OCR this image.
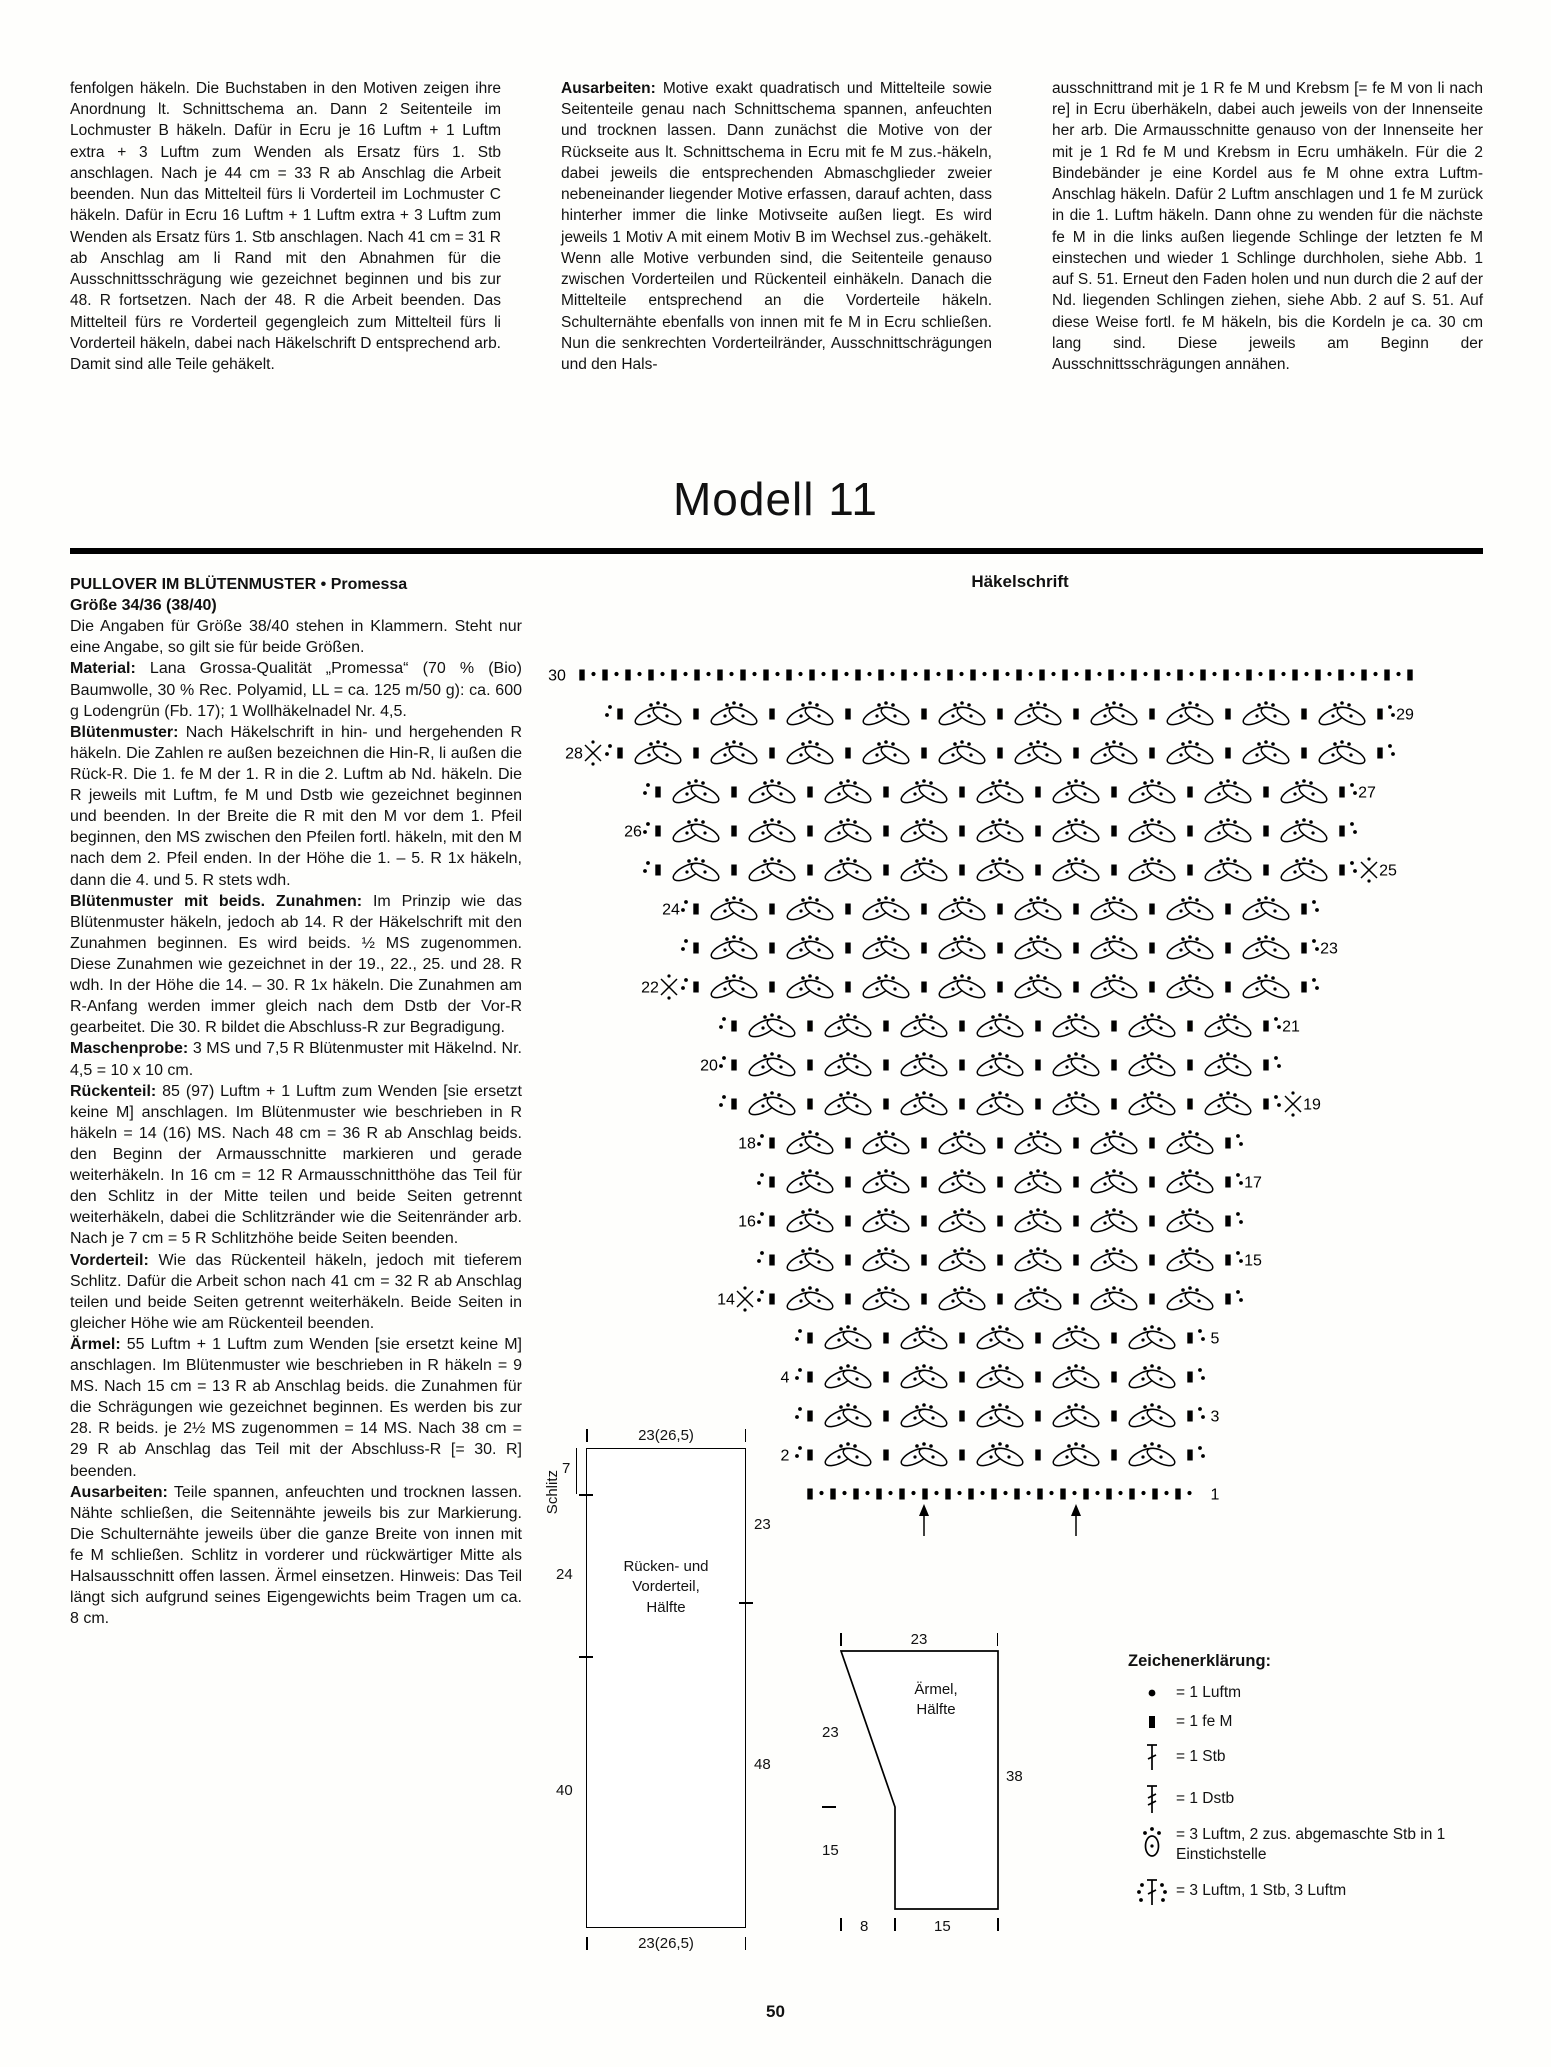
fenfolgen häkeln. Die Buchstaben in den Motiven zeigen ihre Anordnung lt. Schnittschema an. Dann 2 Seitenteile im Lochmuster B häkeln. Dafür in Ecru je 16 Luftm + 1 Luftm extra + 3 Luftm zum Wenden als Ersatz fürs 1. Stb anschlagen. Nach je 44 cm = 33 R ab Anschlag die Arbeit beenden. Nun das Mittelteil fürs li Vorderteil im Lochmuster C häkeln. Dafür in Ecru 16 Luftm + 1 Luftm extra + 3 Luftm zum Wenden als Ersatz fürs 1. Stb anschlagen. Nach 41 cm = 31 R ab Anschlag am li Rand mit den Abnahmen für die Ausschnittsschrägung wie gezeichnet beginnen und bis zur 48. R fortsetzen. Nach der 48. R die Arbeit beenden. Das Mittelteil fürs re Vorderteil gegengleich zum Mittelteil fürs li Vorderteil häkeln, dabei nach Häkelschrift D entsprechend arb. Damit sind alle Teile gehäkelt.

Ausarbeiten: Motive exakt quadratisch und Mittelteile sowie Seitenteile genau nach Schnittschema spannen, anfeuchten und trocknen lassen. Dann zunächst die Motive von der Rückseite aus lt. Schnittschema in Ecru mit fe M zus.-häkeln, dabei jeweils die entsprechenden Abmaschglieder zweier nebeneinander liegender Motive erfassen, darauf achten, dass hinterher immer die linke Motivseite außen liegt. Es wird jeweils 1 Motiv A mit einem Motiv B im Wechsel zus.-gehäkelt. Wenn alle Motive verbunden sind, die Seitenteile genauso zwischen Vorderteilen und Rückenteil einhäkeln. Danach die Mittelteile entsprechend an die Vorderteile häkeln. Schulternähte ebenfalls von innen mit fe M in Ecru schließen. Nun die senkrechten Vorderteilränder, Ausschnittschrägungen und den Hals-

ausschnittrand mit je 1 R fe M und Krebsm [= fe M von li nach re] in Ecru überhäkeln, dabei auch jeweils von der Innenseite her arb. Die Armausschnitte genauso von der Innenseite her mit je 1 Rd fe M und Krebsm in Ecru umhäkeln. Für die 2 Bindebänder je eine Kordel aus fe M ohne extra Luftm-Anschlag häkeln. Dafür 2 Luftm anschlagen und 1 fe M zurück in die 1. Luftm häkeln. Dann ohne zu wenden für die nächste fe M in die links außen liegende Schlinge der letzten fe M einstechen und wieder 1 Schlinge durchholen, siehe Abb. 1 auf S. 51. Erneut den Faden holen und nun durch die 2 auf der Nd. liegenden Schlingen ziehen, siehe Abb. 2 auf S. 51. Auf diese Weise fortl. fe M häkeln, bis die Kordeln je ca. 30 cm lang sind. Diese jeweils am Beginn der Ausschnittsschrägungen annähen.

Modell 11

PULLOVER IM BLÜTENMUSTER • Promessa

Größe 34/36 (38/40)

Die Angaben für Größe 38/40 stehen in Klammern. Steht nur eine Angabe, so gilt sie für beide Größen.

Material: Lana Grossa-Qualität „Promessa“ (70 % (Bio) Baumwolle, 30 % Rec. Polyamid, LL = ca. 125 m/50 g): ca. 600 g Lodengrün (Fb. 17); 1 Wollhäkelnadel Nr. 4,5.

Blütenmuster: Nach Häkelschrift in hin- und hergehenden R häkeln. Die Zahlen re außen bezeichnen die Hin-R, li außen die Rück-R. Die 1. fe M der 1. R in die 2. Luftm ab Nd. häkeln. Die R jeweils mit Luftm, fe M und Dstb wie gezeichnet beginnen und beenden. In der Breite die R mit den M vor dem 1. Pfeil beginnen, den MS zwischen den Pfeilen fortl. häkeln, mit den M nach dem 2. Pfeil enden. In der Höhe die 1. – 5. R 1x häkeln, dann die 4. und 5. R stets wdh.

Blütenmuster mit beids. Zunahmen: Im Prinzip wie das Blütenmuster häkeln, jedoch ab 14. R der Häkelschrift mit den Zunahmen beginnen. Es wird beids. ½ MS zugenommen. Diese Zunahmen wie gezeichnet in der 19., 22., 25. und 28. R wdh. In der Höhe die 14. – 30. R 1x häkeln. Die Zunahmen am R-Anfang werden immer gleich nach dem Dstb der Vor-R gearbeitet. Die 30. R bildet die Abschluss-R zur Begradigung.

Maschenprobe: 3 MS und 7,5 R Blütenmuster mit Häkelnd. Nr. 4,5 = 10 x 10 cm.

Rückenteil: 85 (97) Luftm + 1 Luftm zum Wenden [sie ersetzt keine M] anschlagen. Im Blütenmuster wie beschrieben in R häkeln = 14 (16) MS. Nach 48 cm = 36 R ab Anschlag beids. den Beginn der Armausschnitte markieren und gerade weiterhäkeln. In 16 cm = 12 R Armausschnitthöhe das Teil für den Schlitz in der Mitte teilen und beide Seiten getrennt weiterhäkeln, dabei die Schlitzränder wie die Seitenränder arb. Nach je 7 cm = 5 R Schlitzhöhe beide Seiten beenden.

Vorderteil: Wie das Rückenteil häkeln, jedoch mit tieferem Schlitz. Dafür die Arbeit schon nach 41 cm = 32 R ab Anschlag teilen und beide Seiten getrennt weiterhäkeln. Beide Seiten in gleicher Höhe wie am Rückenteil beenden.

Ärmel: 55 Luftm + 1 Luftm zum Wenden [sie ersetzt keine M] anschlagen. Im Blütenmuster wie beschrieben in R häkeln = 9 MS. Nach 15 cm = 13 R ab Anschlag beids. die Zunahmen für die Schrägungen wie gezeichnet beginnen. Es werden bis zur 28. R beids. je 2½ MS zugenommen = 14 MS. Nach 38 cm = 29 R ab Anschlag das Teil mit der Abschluss-R [= 30. R] beenden.

Ausarbeiten: Teile spannen, anfeuchten und trocknen lassen. Nähte schließen, die Seitennähte jeweils bis zur Markierung. Die Schulternähte jeweils über die ganze Breite von innen mit fe M schließen. Schlitz in vorderer und rückwärtiger Mitte als Halsausschnitt offen lassen. Ärmel einsetzen. Hinweis: Das Teil längt sich aufgrund seines Eigengewichts beim Tragen um ca. 8 cm.

Häkelschrift
1
2
3
4
5
14
15
16
17
18
19
20
21
22
23
24
25
26
27
28
29
30
23(26,5)
Rücken- und Vorderteil, Hälfte
Schlitz
7
24
40
23
48
23(26,5)
23
Ärmel, Hälfte
23
15
38
8	15
Zeichenerklärung:
= 1 Luftm
= 1 fe M
= 1 Stb
= 1 Dstb
= 3 Luftm, 2 zus. abgemaschte Stb in 1 Einstichstelle
= 3 Luftm, 1 Stb, 3 Luftm
50
